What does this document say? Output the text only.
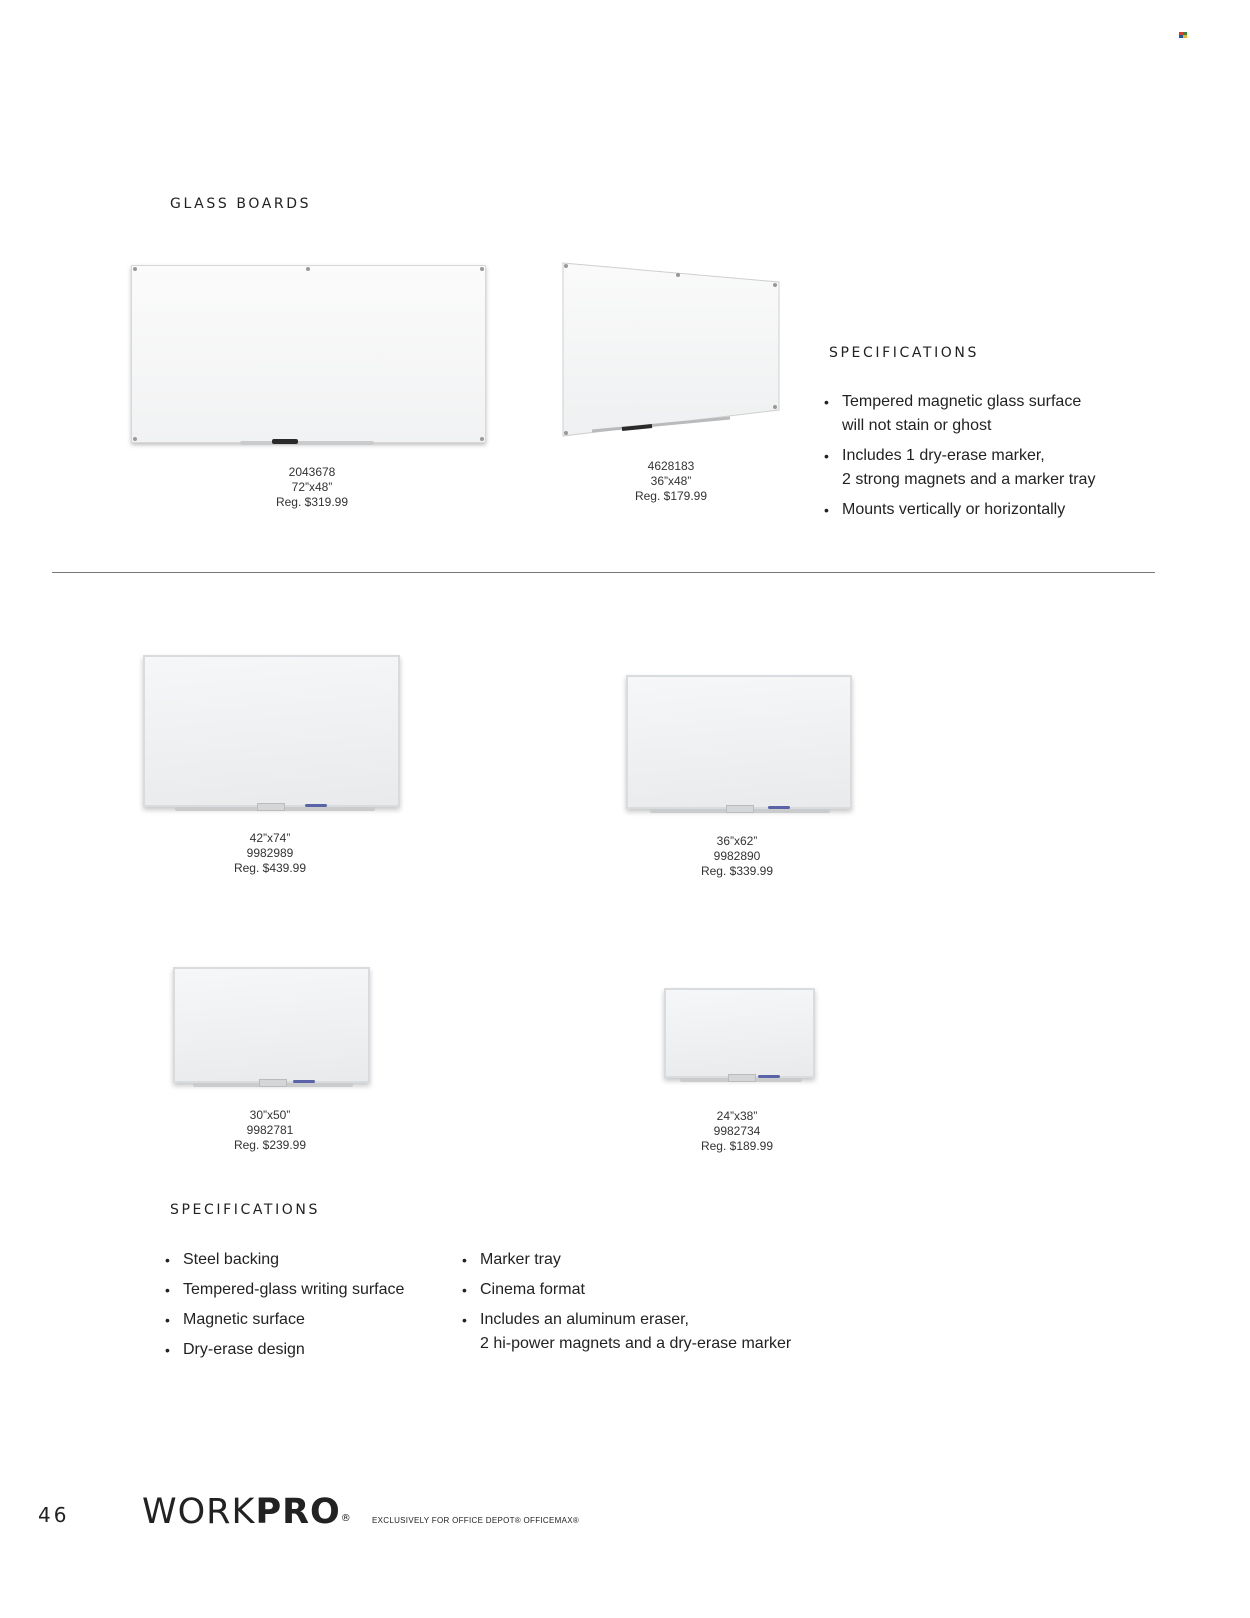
GLASS BOARDS
2043678
72”x48”
Reg. $319.99
4628183
36”x48”
Reg. $179.99
SPECIFICATIONS
• Tempered magnetic glass surface
will not stain or ghost
• Includes 1 dry-erase marker,
2 strong magnets and a marker tray
• Mounts vertically or horizontally
42”x74”
9982989
Reg. $439.99
36”x62”
9982890
Reg. $339.99
30”x50”
9982781
Reg. $239.99
24”x38”
9982734
Reg. $189.99
SPECIFICATIONS
• Steel backing
• Tempered-glass writing surface
• Magnetic surface
• Dry-erase design
• Marker tray
• Cinema format
• Includes an aluminum eraser,
2 hi-power magnets and a dry-erase marker
46 WORKPRO®	EXCLUSIVELY FOR OFFICE DEPOT® OFFICEMAX®
